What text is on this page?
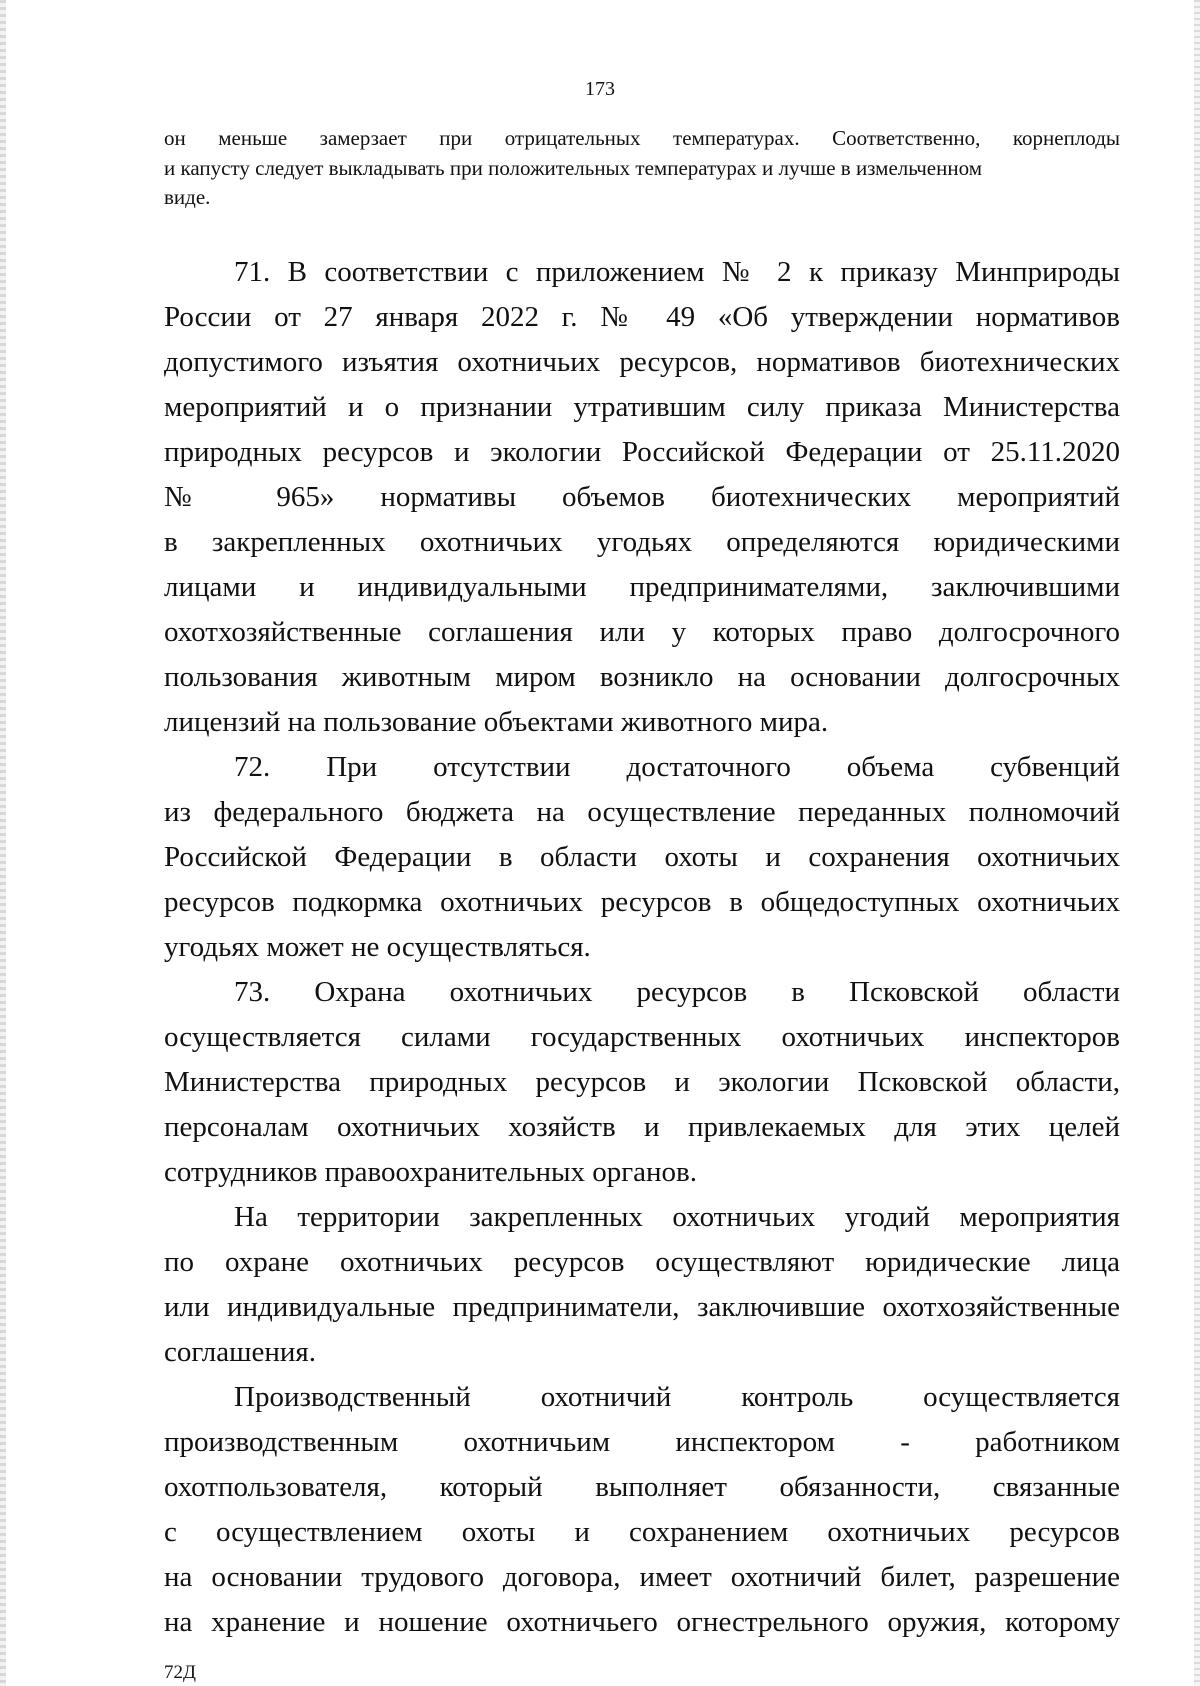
173
он меньше замерзает при отрицательных температурах. Соответственно, корнеплоды
и капусту следует выкладывать при положительных температурах и лучше в измельченном
виде.
71. В соответствии с приложением № 2 к приказу Минприроды
России от 27 января 2022 г. № 49 «Об утверждении нормативов
допустимого изъятия охотничьих ресурсов, нормативов биотехнических
мероприятий и о признании утратившим силу приказа Министерства
природных ресурсов и экологии Российской Федерации от 25.11.2020
№ 965» нормативы объемов биотехнических мероприятий
в закрепленных охотничьих угодьях определяются юридическими
лицами и индивидуальными предпринимателями, заключившими
охотхозяйственные соглашения или у которых право долгосрочного
пользования животным миром возникло на основании долгосрочных
лицензий на пользование объектами животного мира.
72. При отсутствии достаточного объема субвенций
из федерального бюджета на осуществление переданных полномочий
Российской Федерации в области охоты и сохранения охотничьих
ресурсов подкормка охотничьих ресурсов в общедоступных охотничьих
угодьях может не осуществляться.
73. Охрана охотничьих ресурсов в Псковской области
осуществляется силами государственных охотничьих инспекторов
Министерства природных ресурсов и экологии Псковской области,
персоналам охотничьих хозяйств и привлекаемых для этих целей
сотрудников правоохранительных органов.
На территории закрепленных охотничьих угодий мероприятия
по охране охотничьих ресурсов осуществляют юридические лица
или индивидуальные предприниматели, заключившие охотхозяйственные
соглашения.
Производственный охотничий контроль осуществляется
производственным охотничьим инспектором - работником
охотпользователя, который выполняет обязанности, связанные
с осуществлением охоты и сохранением охотничьих ресурсов
на основании трудового договора, имеет охотничий билет, разрешение
на хранение и ношение охотничьего огнестрельного оружия, которому
72Д
